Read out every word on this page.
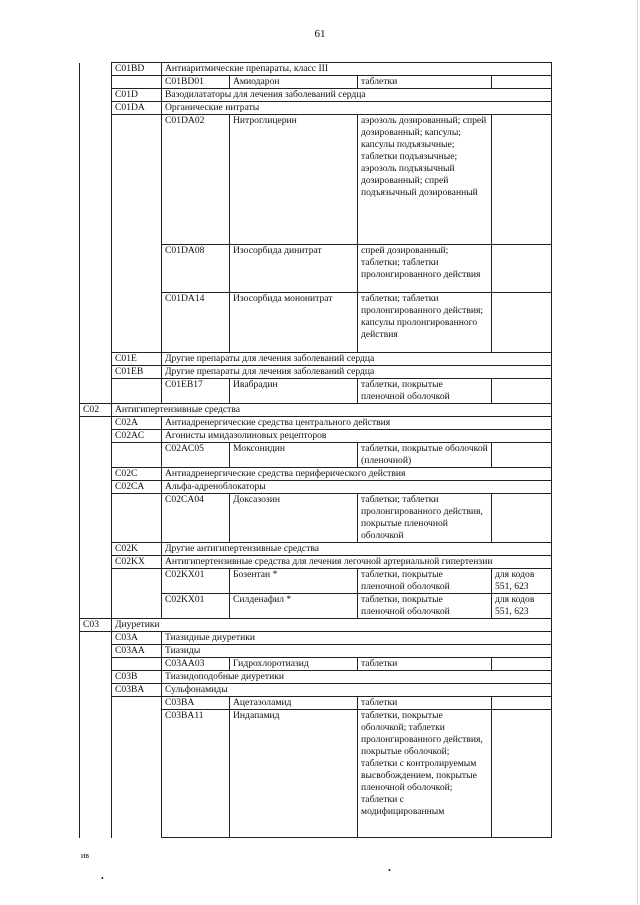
61
	C01BD	Антиаритмические препараты, класс III			
		C01BD01	Амиодарон	таблетки	
	C01D	Вазодилататоры для лечения заболеваний сердца			
	C01DA	Органические нитраты			
		C01DA02	Нитроглицерин	аэрозоль дозированный; спрей дозированный; капсулы; капсулы подъязычные; таблетки подъязычные; аэрозоль подъязычный дозированный; спрей подъязычный дозированный	
		C01DA08	Изосорбида динитрат	спрей дозированный; таблетки; таблетки пролонгированного действия	
		C01DA14	Изосорбида мононитрат	таблетки; таблетки пролонгированного действия; капсулы пролонгированного действия	
	C01E	Другие препараты для лечения заболеваний сердца			
	C01EB	Другие препараты для лечения заболеваний сердца			
		C01EB17	Ивабрадин	таблетки, покрытые пленочной оболочкой	
C02	Антигипертензивные средства				
	C02A	Антиадренергические средства центрального действия			
	C02AC	Агонисты имидазолиновых рецепторов			
		C02AC05	Моксонидин	таблетки, покрытые оболочкой (пленочной)	
	C02C	Антиадренергические средства периферического действия			
	C02CA	Альфа-адреноблокаторы			
		C02CA04	Доксазозин	таблетки; таблетки пролонгированного действия, покрытые пленочной оболочкой	
	C02K	Другие антигипертензивные средства			
	C02KX	Антигипертензивные средства для лечения легочной артериальной гипертензии			
		C02KX01	Бозентан *	таблетки, покрытые пленочной оболочкой	для кодов 551, 623
		C02KX01	Силденафил *	таблетки, покрытые пленочной оболочкой	для кодов 551, 623
C03	Диуретики				
	C03A	Тиазидные диуретики			
	C03AA	Тиазиды			
		C03AA03	Гидрохлоротиазид	таблетки	
	C03B	Тиазидоподобные диуретики			
	C03BA	Сульфонамиды			
		C03BA	Ацетазоламид	таблетки	
		C03BA11	Индапамид	таблетки, покрытые оболочкой; таблетки пролонгированного действия, покрытые оболочкой; таблетки с контролируемым высвобождением, покрытые пленочной оболочкой; таблетки с модифицированным	
ив
•
•
